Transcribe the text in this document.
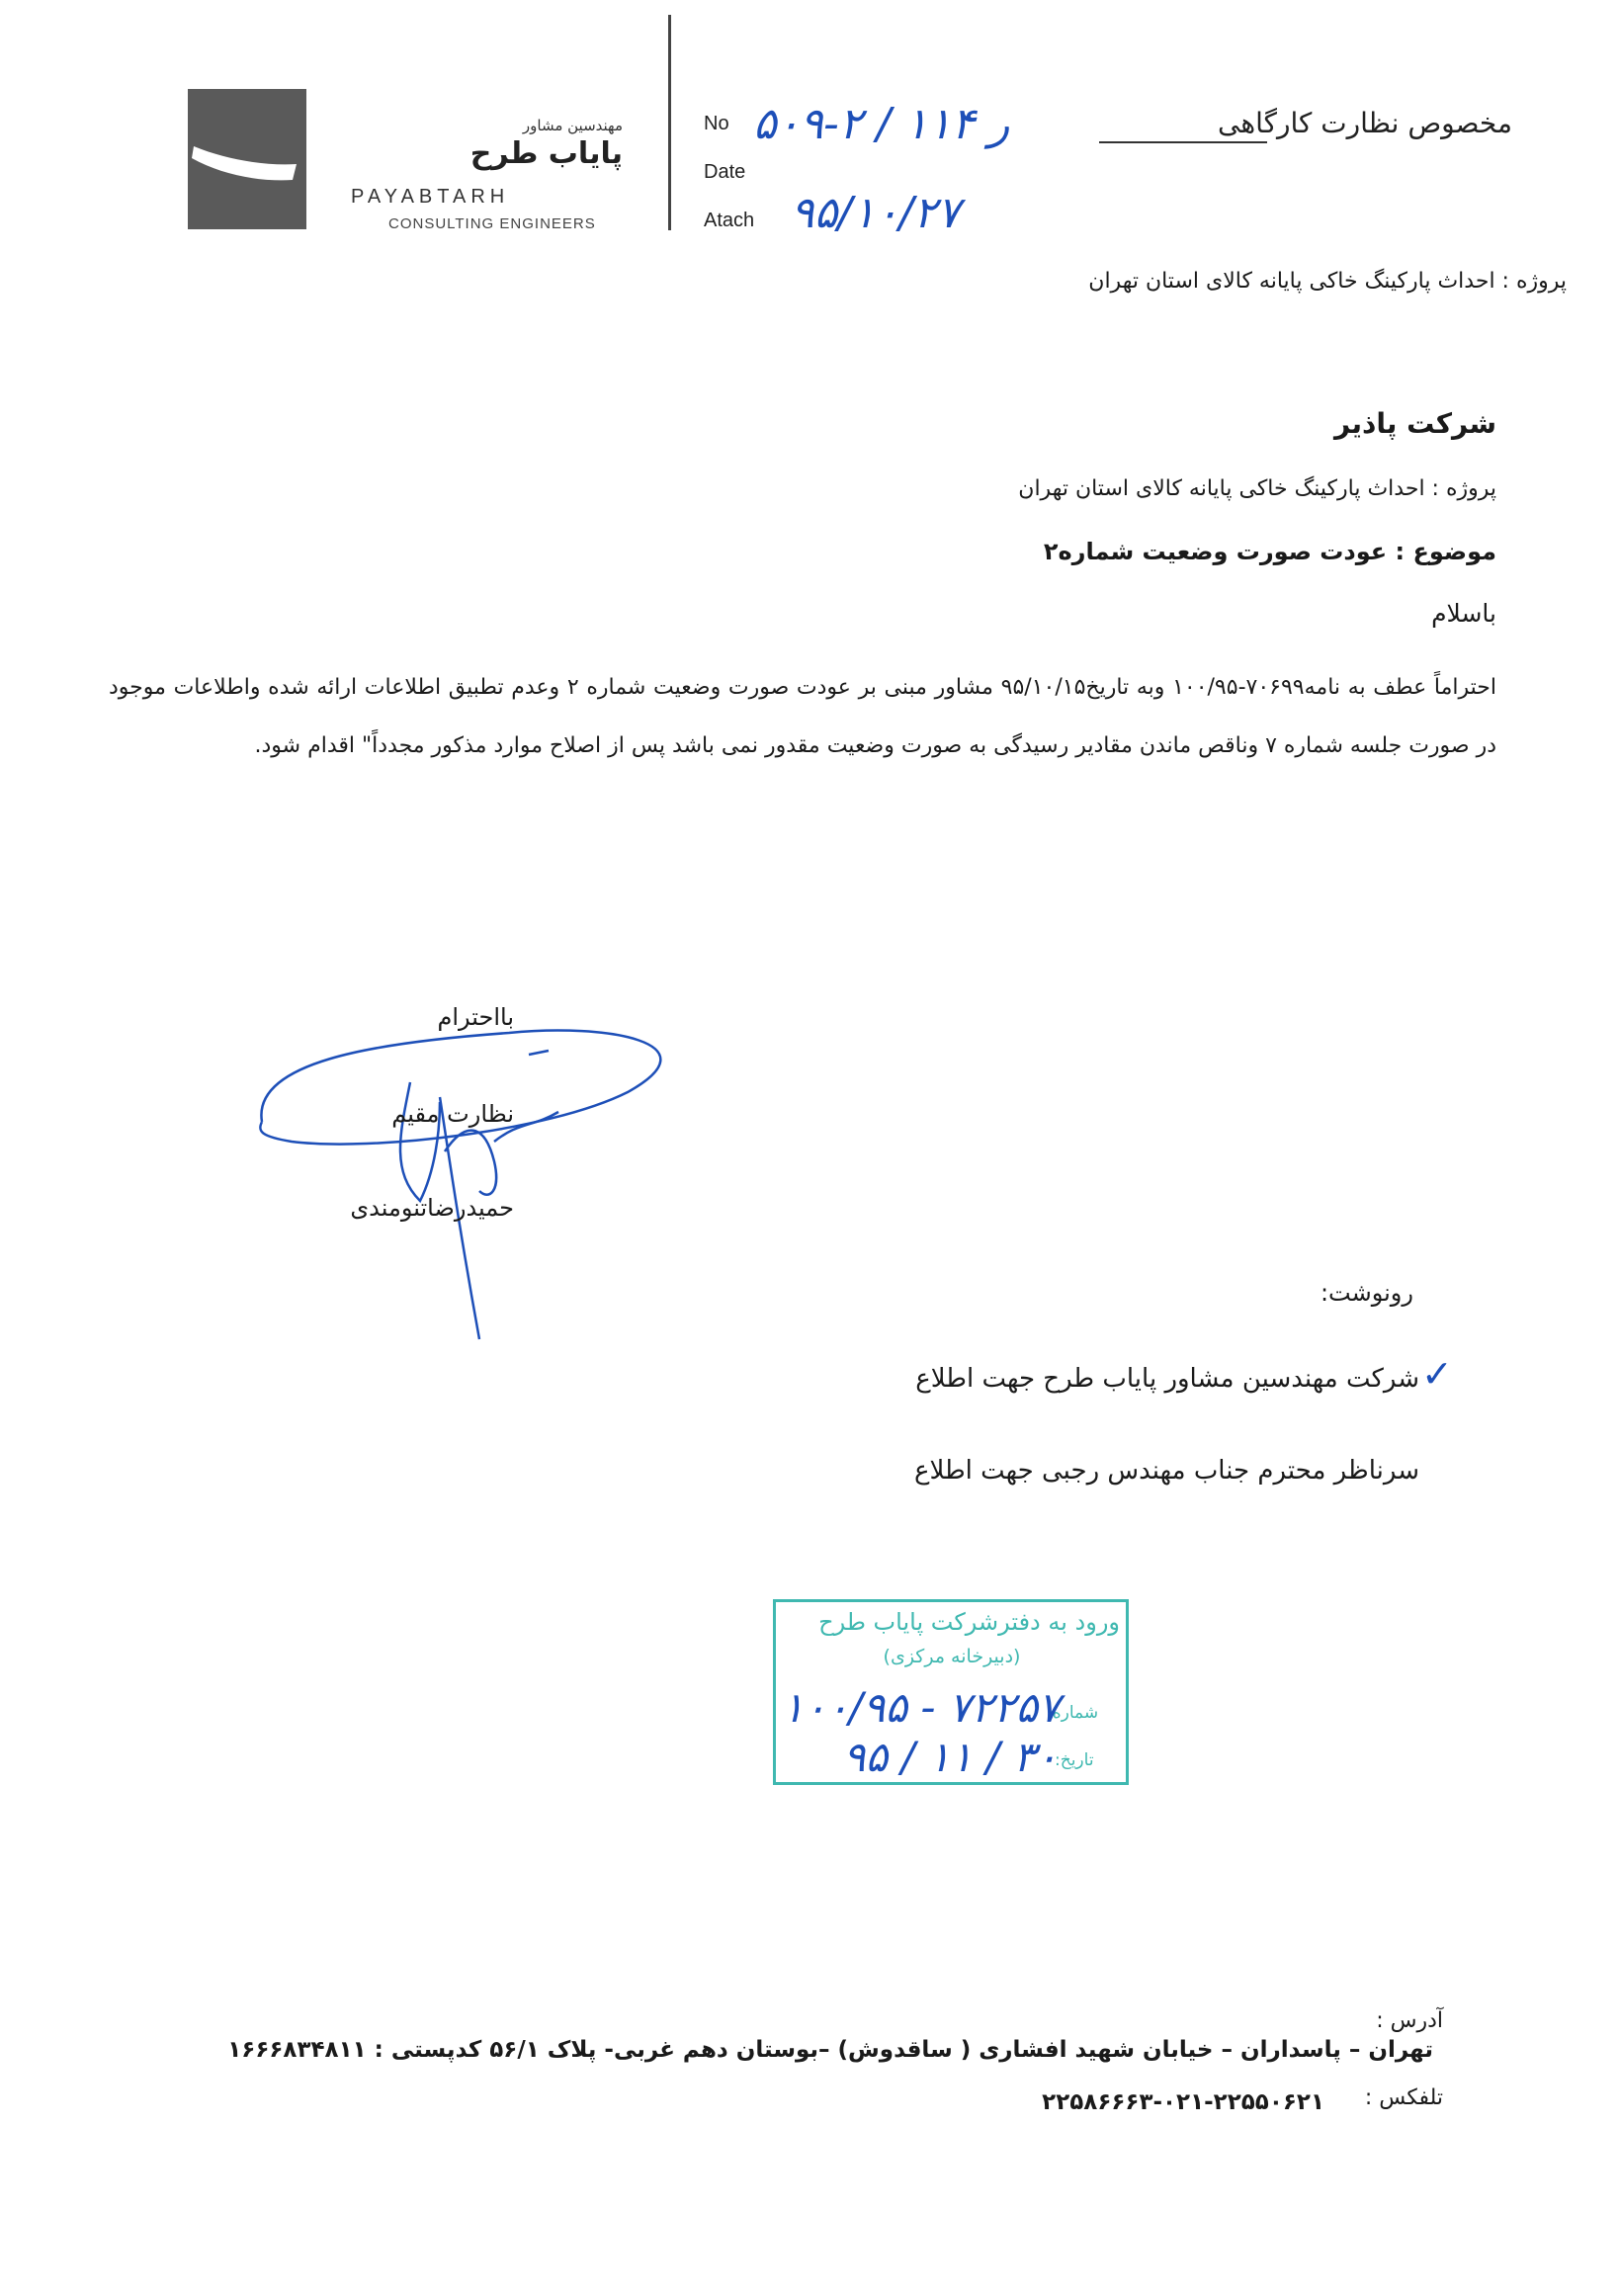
مهندسین مشاور
پایاب طرح
PAYABTARH
CONSULTING ENGINEERS
No
Date
Atach
۵۰۹-۲ / ر ۱۱۴
۹۵/۱۰/۲۷
مخصوص نظارت کارگاهی
پروژه : احداث پارکینگ خاکی پایانه کالای استان تهران
شرکت پاذیر
پروژه : احداث پارکینگ خاکی پایانه کالای استان تهران
موضوع : عودت صورت وضعیت شماره۲
باسلام
احتراماً عطف به نامه۷۰۶۹۹-۱۰۰/۹۵ وبه تاریخ۹۵/۱۰/۱۵ مشاور مبنی بر عودت صورت وضعیت شماره ۲ وعدم تطبیق اطلاعات ارائه شده واطلاعات موجود در صورت جلسه شماره ۷ وناقص ماندن مقادیر رسیدگی به صورت وضعیت مقدور نمی باشد پس از اصلاح موارد مذکور مجدداً" اقدام شود.
بااحترام
نظارت مقیم
حمیدرضاتنومندی
رونوشت:
✓
شرکت مهندسین مشاور پایاب طرح جهت اطلاع
سرناظر محترم جناب مهندس رجبی جهت اطلاع
ورود به دفترشرکت پایاب طرح
(دبیرخانه مرکزی)
شماره:
تاریخ:
۱۰۰/۹۵ - ۷۲۲۵۷
۹۵ / ۱۱ / ۳۰
آدرس :
تهران – پاسداران – خیابان شهید افشاری ( ساقدوش) –بوستان دهم غربی- پلاک ۵۶/۱ کدپستی : ۱۶۶۶۸۳۴۸۱۱
تلفکس :
۲۲۵۸۶۶۶۳-۰۲۱-۲۲۵۵۰۶۲۱
